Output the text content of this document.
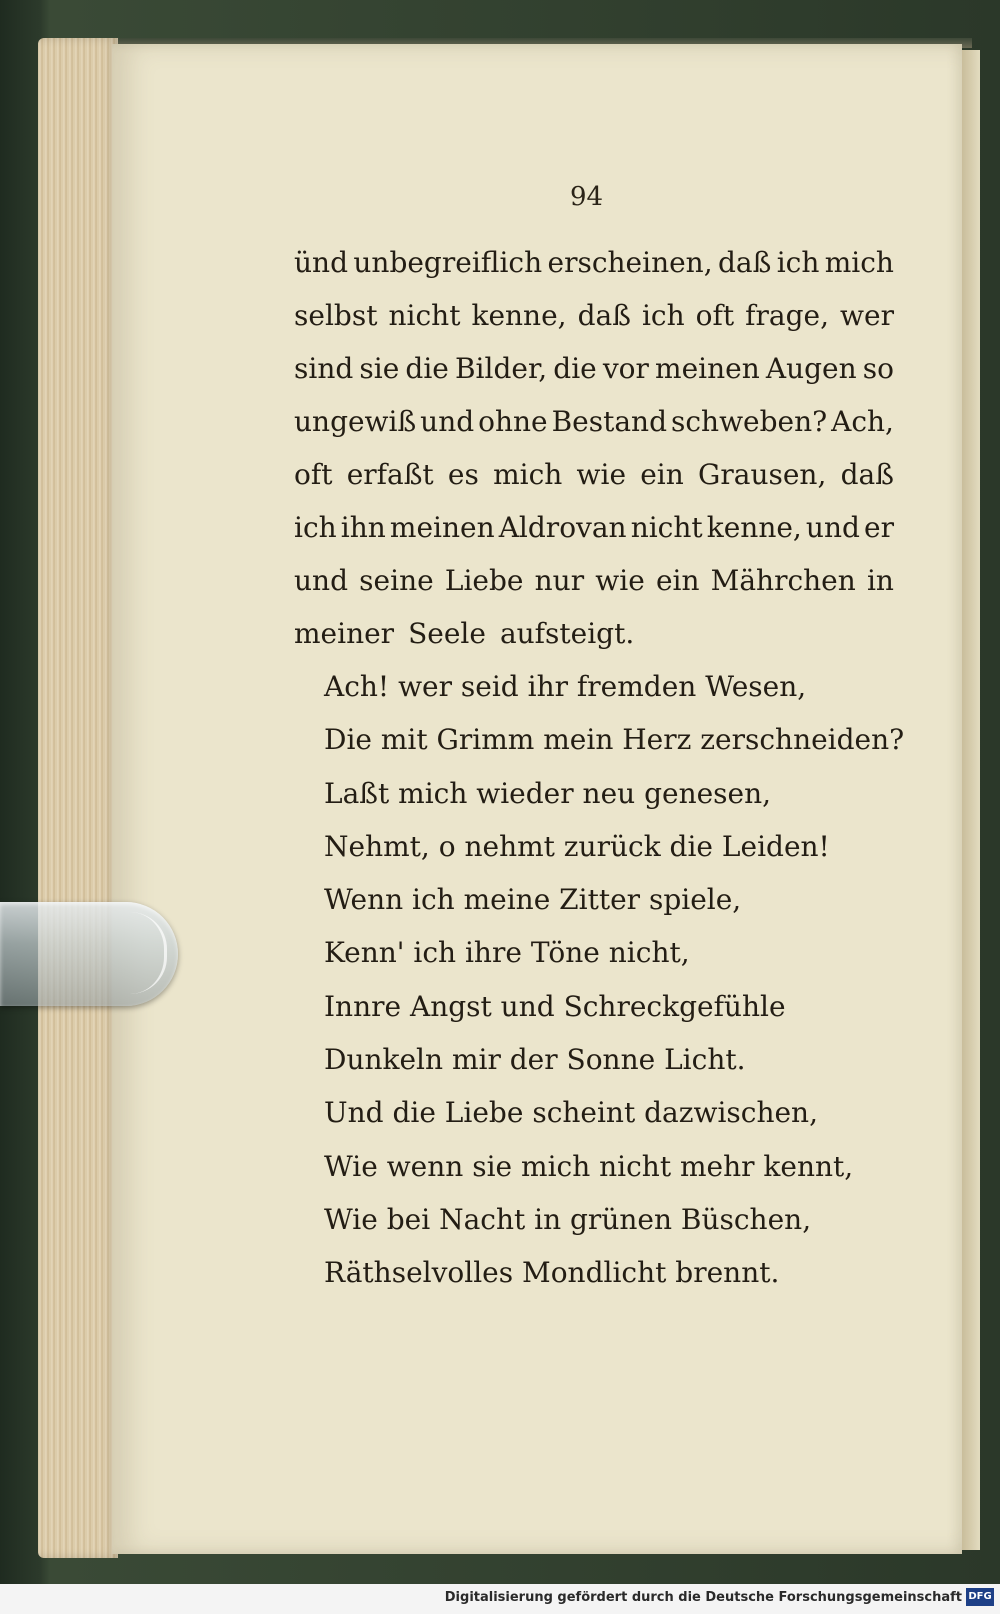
94
ünd unbegreiflich erscheinen, daß ich mich
selbst nicht kenne, daß ich oft frage, wer
sind sie die Bilder, die vor meinen Augen so
ungewiß und ohne Bestand schweben? Ach,
oft erfaßt es mich wie ein Grausen, daß
ich ihn meinen Aldrovan nicht kenne, und er
und seine Liebe nur wie ein Mährchen in
meiner Seele aufsteigt.
Ach! wer seid ihr fremden Wesen,
Die mit Grimm mein Herz zerschneiden?
Laßt mich wieder neu genesen,
Nehmt, o nehmt zurück die Leiden!
Wenn ich meine Zitter spiele,
Kenn' ich ihre Töne nicht,
Innre Angst und Schreckgefühle
Dunkeln mir der Sonne Licht.
Und die Liebe scheint dazwischen,
Wie wenn sie mich nicht mehr kennt,
Wie bei Nacht in grünen Büschen,
Räthselvolles Mondlicht brennt.
Digitalisierung gefördert durch die Deutsche Forschungsgemeinschaft DFG
